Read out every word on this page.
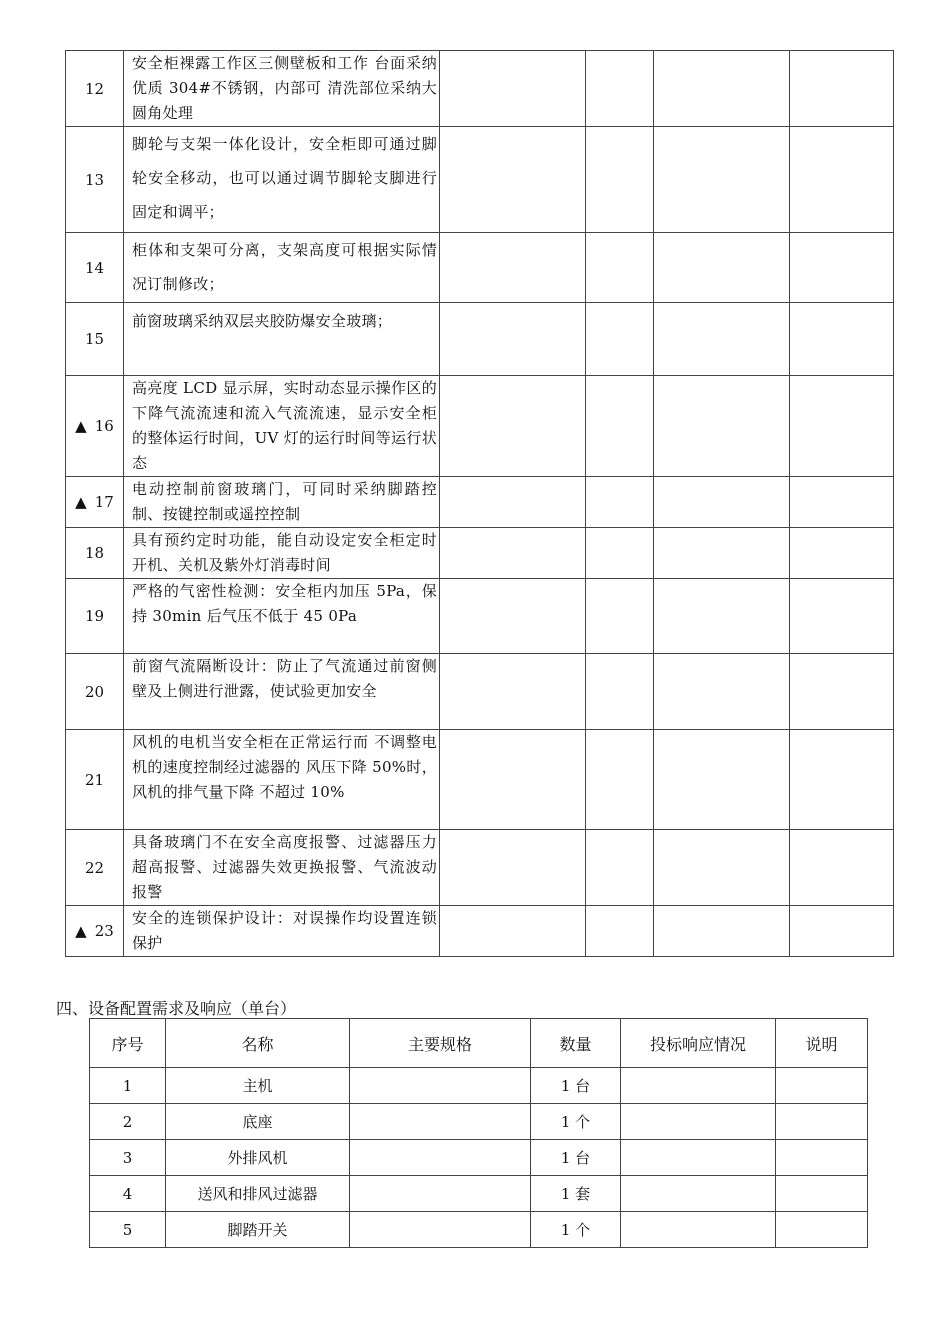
12	安全柜裸露工作区三侧壁板和工作 台面采纳优质 304#不锈钢，内部可 清洗部位采纳大圆角处理				
13	脚轮与支架一体化设计，安全柜即可通过脚轮安全移动，也可以通过调节脚轮支脚进行固定和调平；				
14	柜体和支架可分离，支架高度可根据实际情况订制修改；				
15	前窗玻璃采纳双层夹胶防爆安全玻璃；				
▲ 16	高亮度 LCD 显示屏，实时动态显示操作区的下降气流流速和流入气流流速，显示安全柜的整体运行时间，UV 灯的运行时间等运行状态				
▲ 17	电动控制前窗玻璃门，可同时采纳脚踏控制、按键控制或遥控控制				
18	具有预约定时功能，能自动设定安全柜定时开机、关机及紫外灯消毒时间				
19	严格的气密性检测：安全柜内加压 5Pa，保持 30min 后气压不低于 45 0Pa				
20	前窗气流隔断设计：防止了气流通过前窗侧壁及上侧进行泄露，使试验更加安全				
21	风机的电机当安全柜在正常运行而 不调整电机的速度控制经过滤器的 风压下降 50%时，风机的排气量下降 不超过 10%				
22	具备玻璃门不在安全高度报警、过滤器压力超高报警、过滤器失效更换报警、气流波动报警				
▲ 23	安全的连锁保护设计：对误操作均设置连锁保护				
四、设备配置需求及响应（单台）
序号	名称	主要规格	数量	投标响应情况	说明
1	主机		1 台		
2	底座		1 个		
3	外排风机		1 台		
4	送风和排风过滤器		1 套		
5	脚踏开关		1 个		
